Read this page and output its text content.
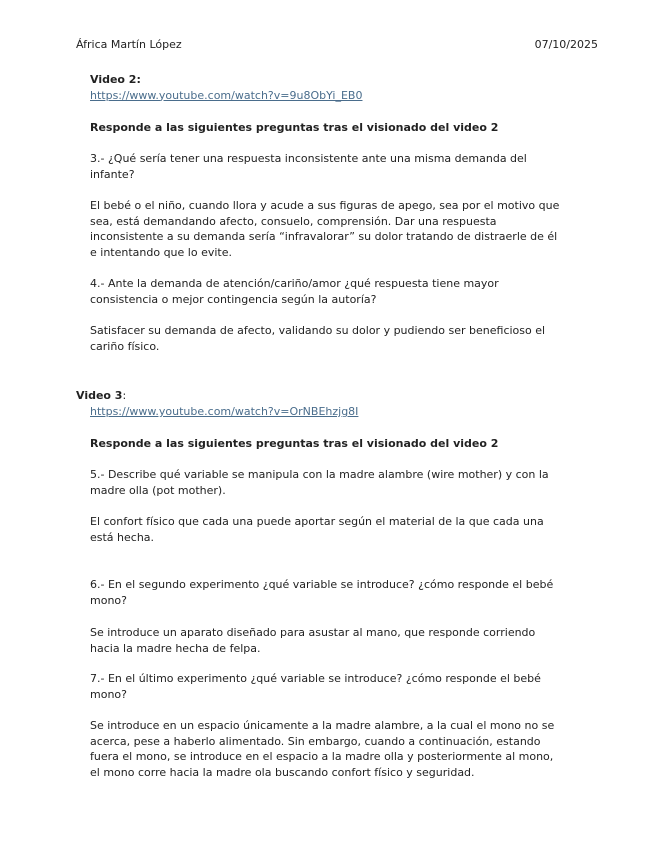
África Martín López	07/10/2025

Video 2:

https://www.youtube.com/watch?v=9u8ObYi_EB0

Responde a las siguientes preguntas tras el visionado del video 2

3.- ¿Qué sería tener una respuesta inconsistente ante una misma demanda del infante?

El bebé o el niño, cuando llora y acude a sus figuras de apego, sea por el motivo que sea, está demandando afecto, consuelo, comprensión. Dar una respuesta inconsistente a su demanda sería “infravalorar” su dolor tratando de distraerle de él e intentando que lo evite.

4.- Ante la demanda de atención/cariño/amor ¿qué respuesta tiene mayor consistencia o mejor contingencia según la autoría?

Satisfacer su demanda de afecto, validando su dolor y pudiendo ser beneficioso el cariño físico.

Video 3:

https://www.youtube.com/watch?v=OrNBEhzjg8I

Responde a las siguientes preguntas tras el visionado del video 2

5.- Describe qué variable se manipula con la madre alambre (wire mother) y con la madre olla (pot mother).

El confort físico que cada una puede aportar según el material de la que cada una está hecha.

6.- En el segundo experimento ¿qué variable se introduce? ¿cómo responde el bebé mono?

Se introduce un aparato diseñado para asustar al mano, que responde corriendo hacia la madre hecha de felpa.

7.- En el último experimento ¿qué variable se introduce? ¿cómo responde el bebé mono?

Se introduce en un espacio únicamente a la madre alambre, a la cual el mono no se acerca, pese a haberlo alimentado. Sin embargo, cuando a continuación, estando fuera el mono, se introduce en el espacio a la madre olla y posteriormente al mono, el mono corre hacia la madre ola buscando confort físico y seguridad.
